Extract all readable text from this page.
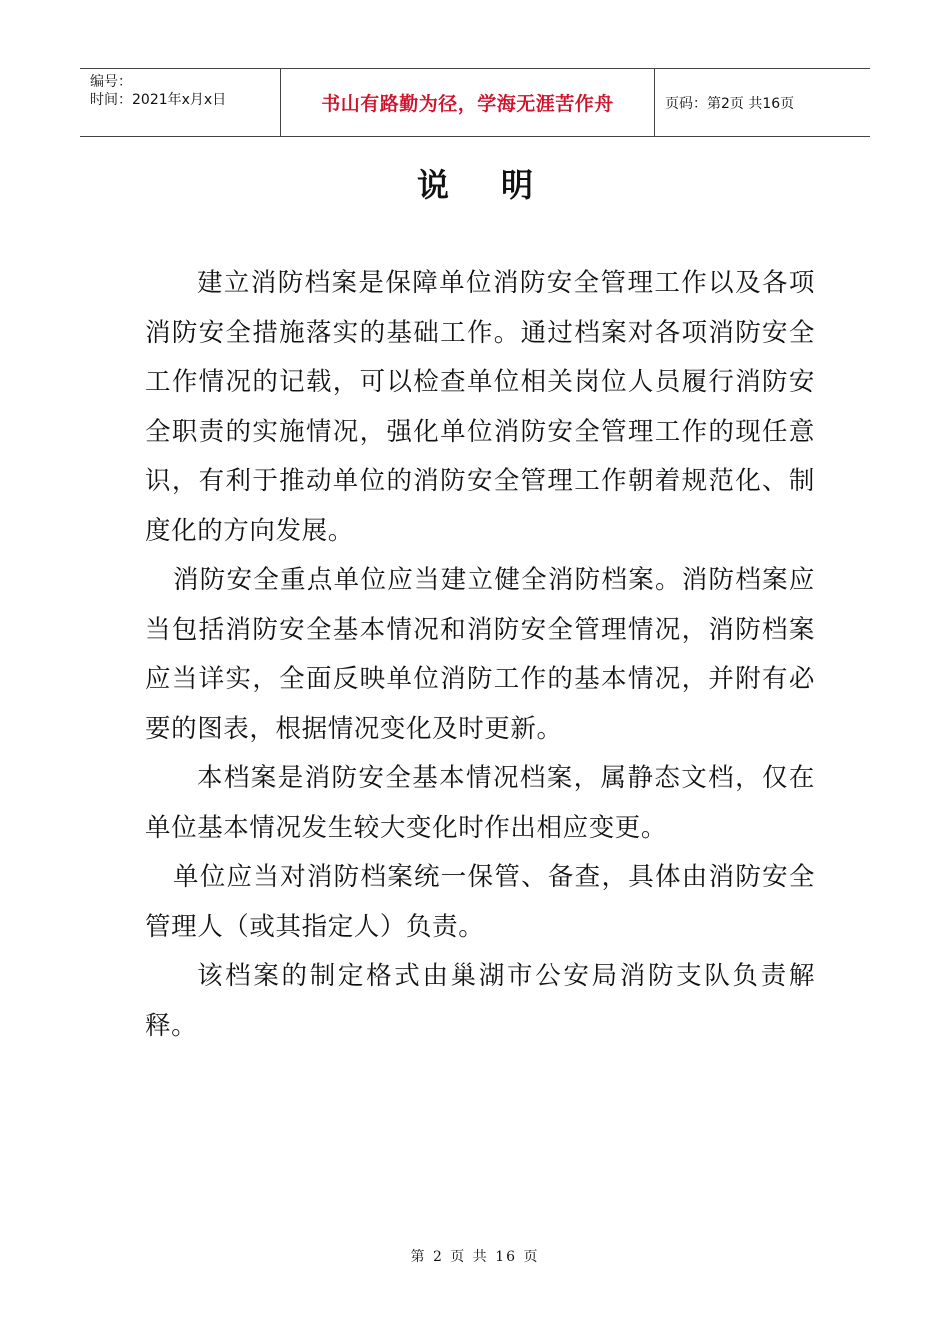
编号：
时间：2021年x月x日	书山有路勤为径，学海无涯苦作舟	页码：第2页 共16页
说明

建立消防档案是保障单位消防安全管理工作以及各项消防安全措施落实的基础工作。通过档案对各项消防安全工作情况的记载，可以检查单位相关岗位人员履行消防安全职责的实施情况，强化单位消防安全管理工作的现任意识，有利于推动单位的消防安全管理工作朝着规范化、制度化的方向发展。

消防安全重点单位应当建立健全消防档案。消防档案应当包括消防安全基本情况和消防安全管理情况，消防档案应当详实，全面反映单位消防工作的基本情况，并附有必要的图表，根据情况变化及时更新。

本档案是消防安全基本情况档案，属静态文档，仅在单位基本情况发生较大变化时作出相应变更。

单位应当对消防档案统一保管、备查，具体由消防安全管理人（或其指定人）负责。

该档案的制定格式由巢湖市公安局消防支队负责解释。

第 2 页 共 16 页
